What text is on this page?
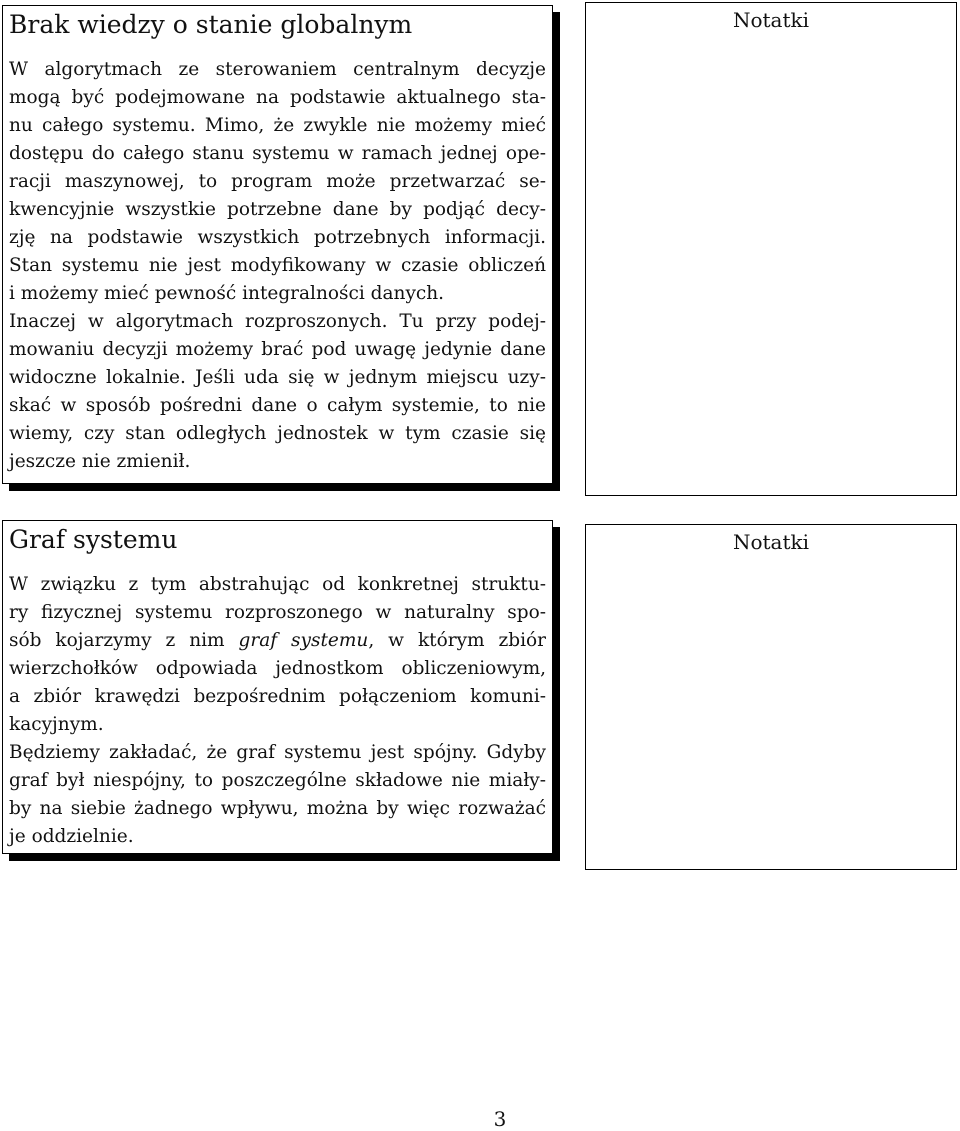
Brak wiedzy o stanie globalnym
W algorytmach ze sterowaniem centralnym decyzje
mogą być podejmowane na podstawie aktualnego sta-
nu całego systemu. Mimo, że zwykle nie możemy mieć
dostępu do całego stanu systemu w ramach jednej ope-
racji maszynowej, to program może przetwarzać se-
kwencyjnie wszystkie potrzebne dane by podjąć decy-
zję na podstawie wszystkich potrzebnych informacji.
Stan systemu nie jest modyfikowany w czasie obliczeń
i możemy mieć pewność integralności danych.
Inaczej w algorytmach rozproszonych. Tu przy podej-
mowaniu decyzji możemy brać pod uwagę jedynie dane
widoczne lokalnie. Jeśli uda się w jednym miejscu uzy-
skać w sposób pośredni dane o całym systemie, to nie
wiemy, czy stan odległych jednostek w tym czasie się
jeszcze nie zmienił.
Notatki
Graf systemu
W związku z tym abstrahując od konkretnej struktu-
ry fizycznej systemu rozproszonego w naturalny spo-
sób kojarzymy z nim graf systemu, w którym zbiór
wierzchołków odpowiada jednostkom obliczeniowym,
a zbiór krawędzi bezpośrednim połączeniom komuni-
kacyjnym.
Będziemy zakładać, że graf systemu jest spójny. Gdyby
graf był niespójny, to poszczególne składowe nie miały-
by na siebie żadnego wpływu, można by więc rozważać
je oddzielnie.
Notatki
3
